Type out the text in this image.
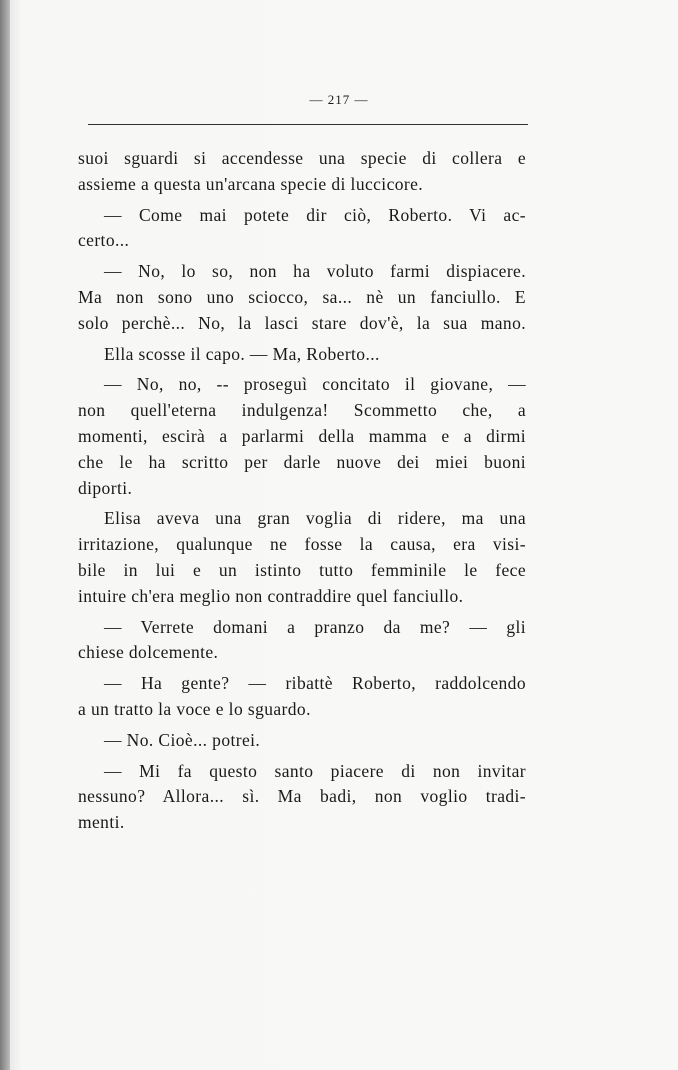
— 217 —
suoi sguardi si accendesse una specie di collera e
assieme a questa un'arcana specie di luccicore.
— Come mai potete dir ciò, Roberto. Vi ac-
certo...
— No, lo so, non ha voluto farmi dispiacere.
Ma non sono uno sciocco, sa... nè un fanciullo. E
solo perchè... No, la lasci stare dov'è, la sua mano.
Ella scosse il capo. — Ma, Roberto...
— No, no, -- proseguì concitato il giovane, —
non quell'eterna indulgenza! Scommetto che, a
momenti, escirà a parlarmi della mamma e a dirmi
che le ha scritto per darle nuove dei miei buoni
diporti.
Elisa aveva una gran voglia di ridere, ma una
irritazione, qualunque ne fosse la causa, era visi-
bile in lui e un istinto tutto femminile le fece
intuire ch'era meglio non contraddire quel fanciullo.
— Verrete domani a pranzo da me? — gli
chiese dolcemente.
— Ha gente? — ribattè Roberto, raddolcendo
a un tratto la voce e lo sguardo.
— No. Cioè... potrei.
— Mi fa questo santo piacere di non invitar
nessuno? Allora... sì. Ma badi, non voglio tradi-
menti.
